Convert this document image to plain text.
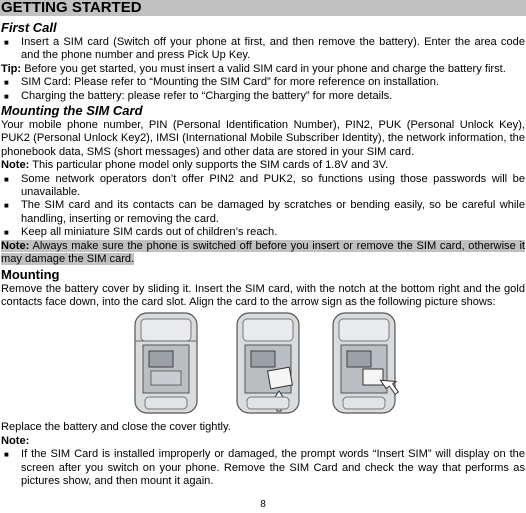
GETTING STARTED
First Call
■ Insert a SIM card (Switch off your phone at first, and then remove the battery). Enter the area code and the phone number and press Pick Up Key.

Tip: Before you get started, you must insert a valid SIM card in your phone and charge the battery first.

■ SIM Card: Please refer to “Mounting the SIM Card” for more reference on installation.
■ Charging the battery: please refer to “Charging the battery” for more details.
Mounting the SIM Card

Your mobile phone number, PIN (Personal Identification Number), PIN2, PUK (Personal Unlock Key), PUK2 (Personal Unlock Key2), IMSI (International Mobile Subscriber Identity), the network information, the phonebook data, SMS (short messages) and other data are stored in your SIM card.

Note: This particular phone model only supports the SIM cards of 1.8V and 3V.

■ Some network operators don’t offer PIN2 and PUK2, so functions using those passwords will be unavailable.
■ The SIM card and its contacts can be damaged by scratches or bending easily, so be careful while handling, inserting or removing the card.
■ Keep all miniature SIM cards out of children’s reach.

Note: Always make sure the phone is switched off before you insert or remove the SIM card, otherwise it may damage the SIM card.

Mounting

Remove the battery cover by sliding it. Insert the SIM card, with the notch at the bottom right and the gold contacts face down, into the card slot. Align the card to the arrow sign as the following picture shows:

Replace the battery and close the cover tightly.

Note:

■ If the SIM Card is installed improperly or damaged, the prompt words “Insert SIM” will display on the screen after you switch on your phone. Remove the SIM Card and check the way that performs as pictures show, and then mount it again.
8
